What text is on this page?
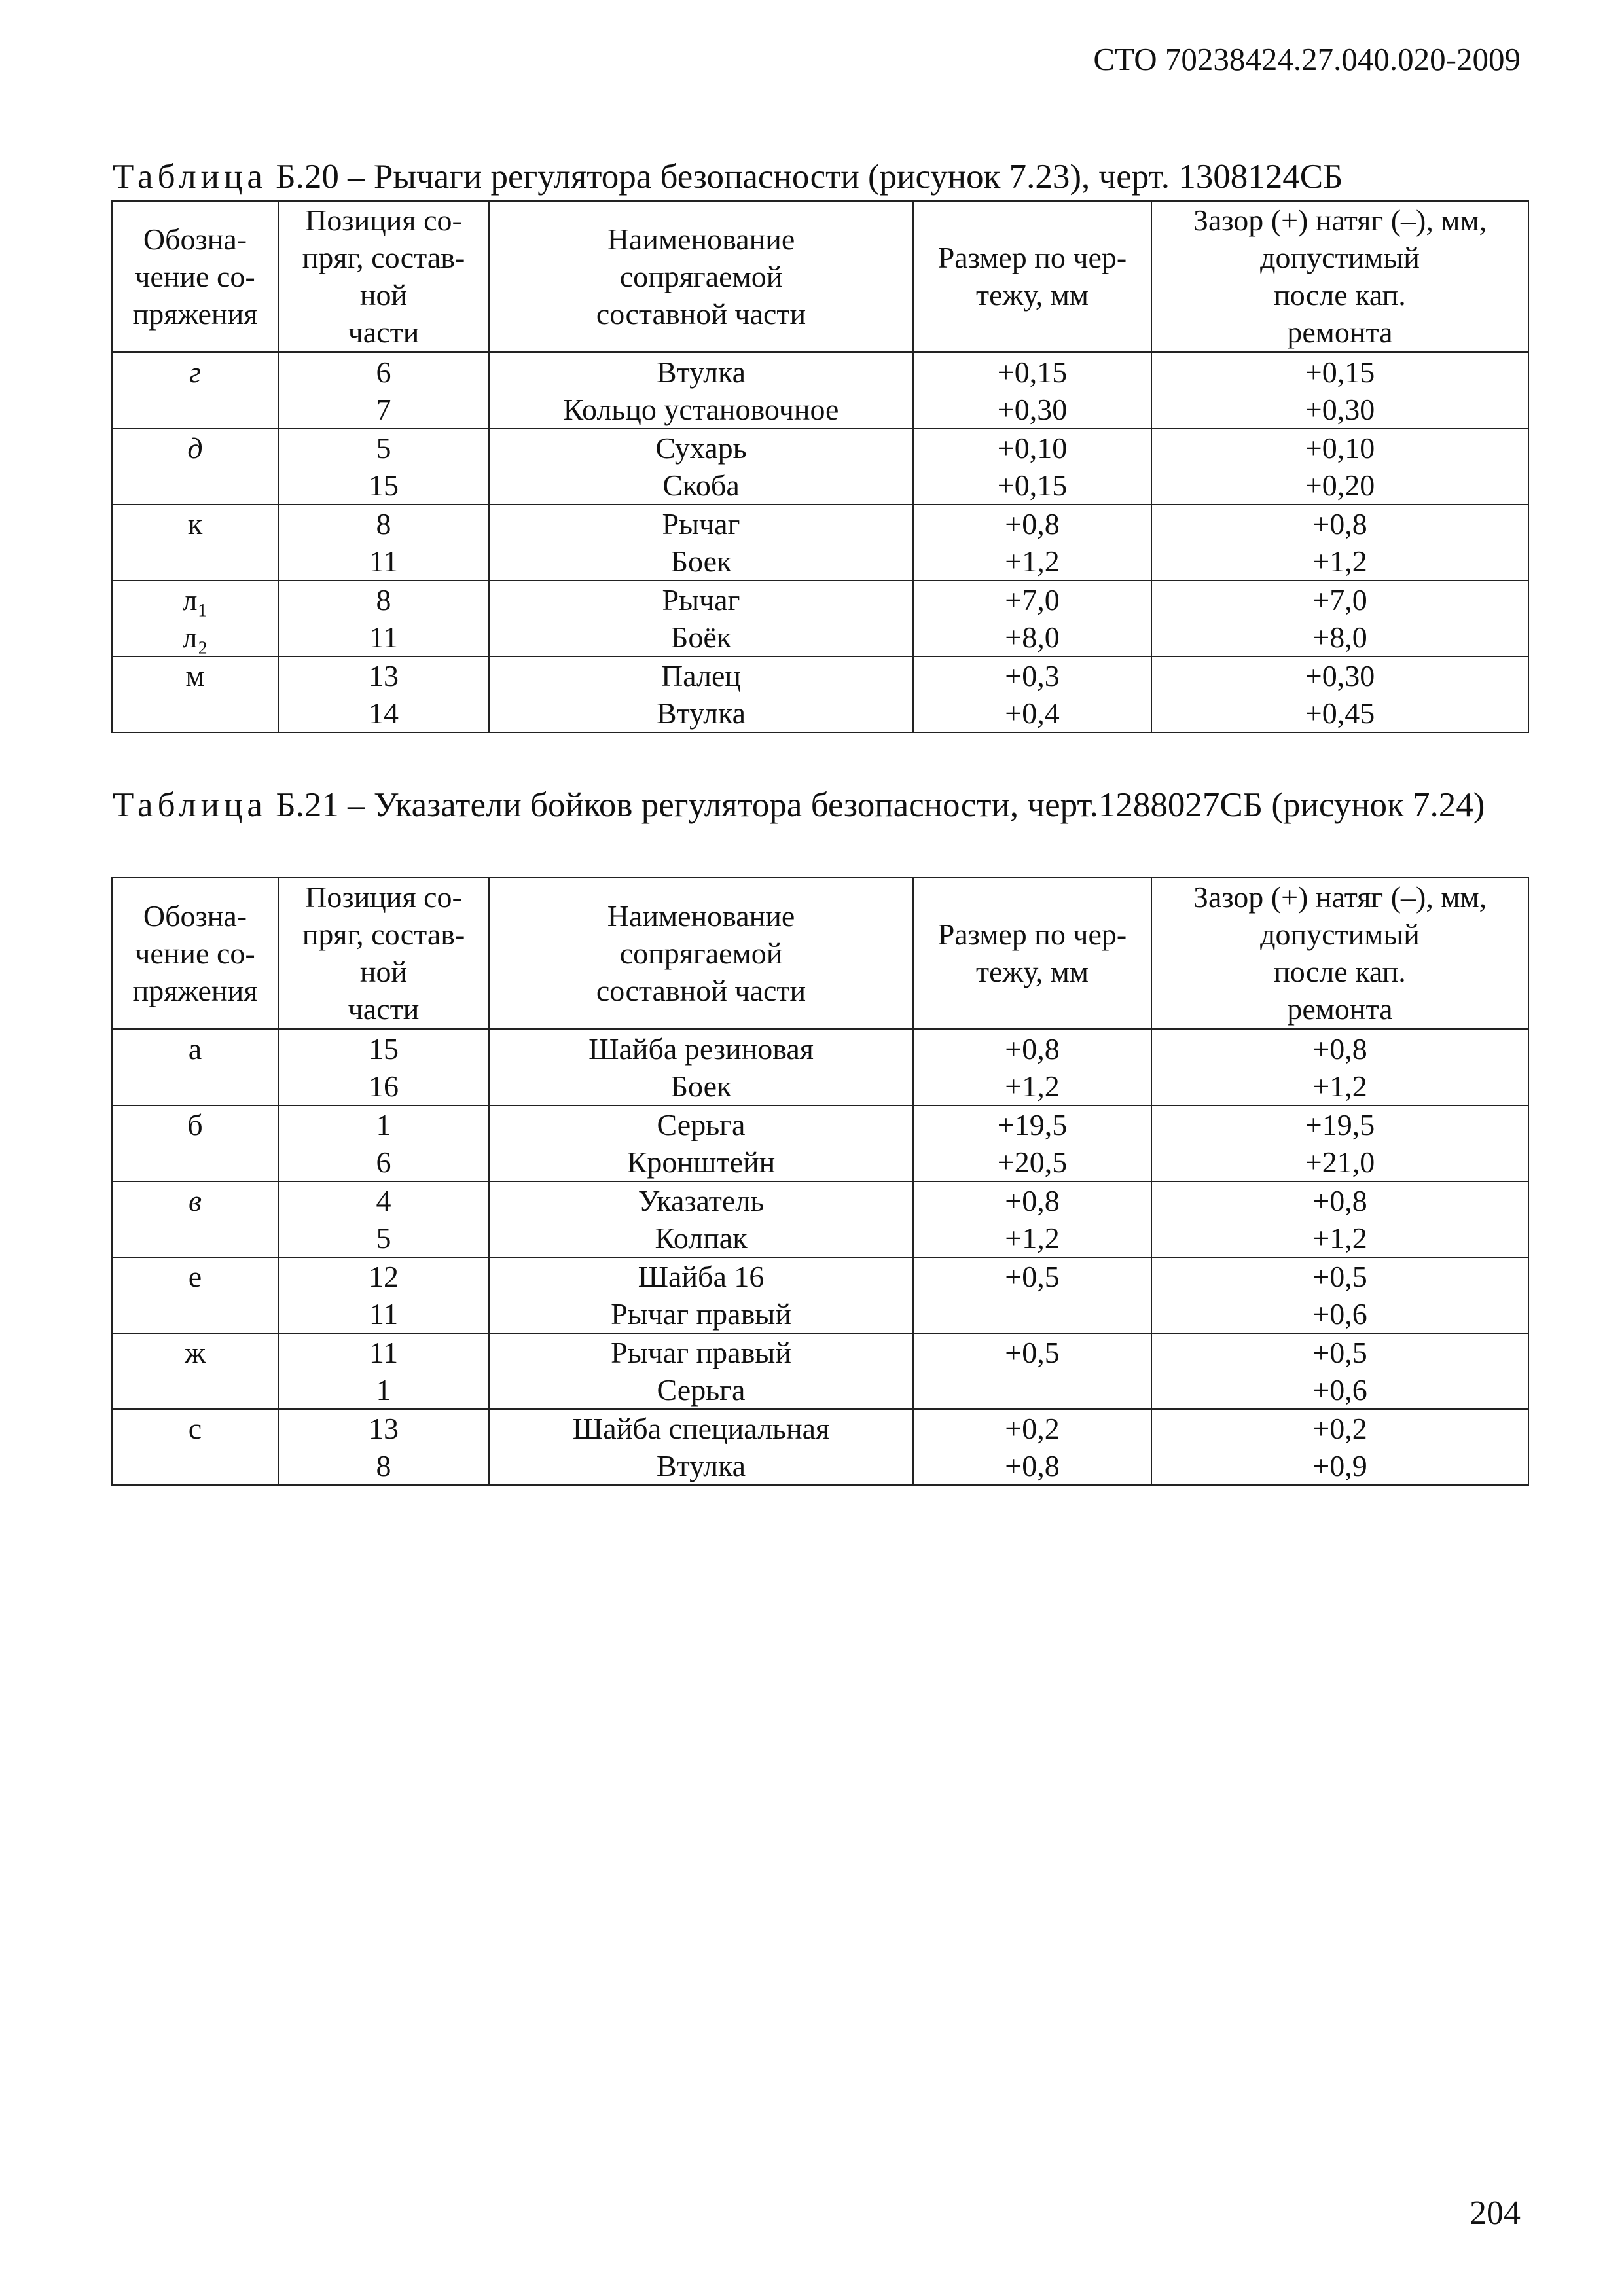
СТО 70238424.27.040.020-2009
Таблица Б.20 – Рычаги регулятора безопасности (рисунок 7.23), черт. 1308124СБ
Обозна-
чение со-
пряжения	Позиция со-
пряг, состав-
ной
части	Наименование
сопрягаемой
составной части	Размер по чер-
тежу, мм	Зазор (+) натяг (–), мм,
допустимый
после кап.
ремонта
г	6	Втулка	+0,15	+0,15
	7	Кольцо установочное	+0,30	+0,30
д	5	Сухарь	+0,10	+0,10
	15	Скоба	+0,15	+0,20
к	8	Рычаг	+0,8	+0,8
	11	Боек	+1,2	+1,2
л₁	8	Рычаг	+7,0	+7,0
л₂	11	Боёк	+8,0	+8,0
м	13	Палец	+0,3	+0,30
	14	Втулка	+0,4	+0,45
Таблица Б.21 – Указатели бойков регулятора безопасности, черт.1288027СБ (рисунок 7.24)
Обозна-
чение со-
пряжения	Позиция со-
пряг, состав-
ной
части	Наименование
сопрягаемой
составной части	Размер по чер-
тежу, мм	Зазор (+) натяг (–), мм,
допустимый
после кап.
ремонта
а	15	Шайба резиновая	+0,8	+0,8
	16	Боек	+1,2	+1,2
б	1	Серьга	+19,5	+19,5
	6	Кронштейн	+20,5	+21,0
в	4	Указатель	+0,8	+0,8
	5	Колпак	+1,2	+1,2
е	12	Шайба 16	+0,5	+0,5
	11	Рычаг правый		+0,6
ж	11	Рычаг правый	+0,5	+0,5
	1	Серьга		+0,6
с	13	Шайба специальная	+0,2	+0,2
	8	Втулка	+0,8	+0,9
204
